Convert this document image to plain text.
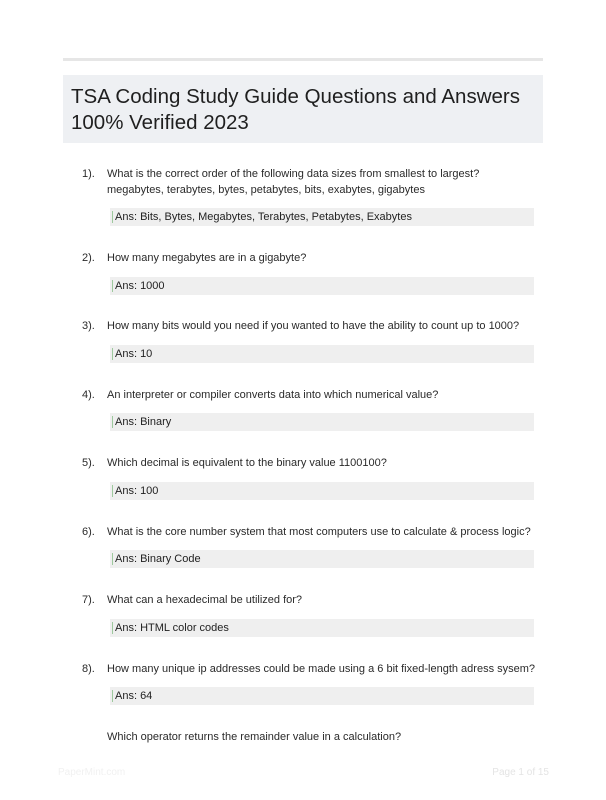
TSA Coding Study Guide Questions and Answers 100% Verified 2023
1). What is the correct order of the following data sizes from smallest to largest? megabytes, terabytes, bytes, petabytes, bits, exabytes, gigabytes
Ans: Bits, Bytes, Megabytes, Terabytes, Petabytes, Exabytes
2). How many megabytes are in a gigabyte?
Ans: 1000
3). How many bits would you need if you wanted to have the ability to count up to 1000?
Ans: 10
4). An interpreter or compiler converts data into which numerical value?
Ans: Binary
5). Which decimal is equivalent to the binary value 1100100?
Ans: 100
6). What is the core number system that most computers use to calculate & process logic?
Ans: Binary Code
7). What can a hexadecimal be utilized for?
Ans: HTML color codes
8). How many unique ip addresses could be made using a 6 bit fixed-length adress sysem?
Ans: 64
Which operator returns the remainder value in a calculation?
PaperMint.com	Page 1 of 15
